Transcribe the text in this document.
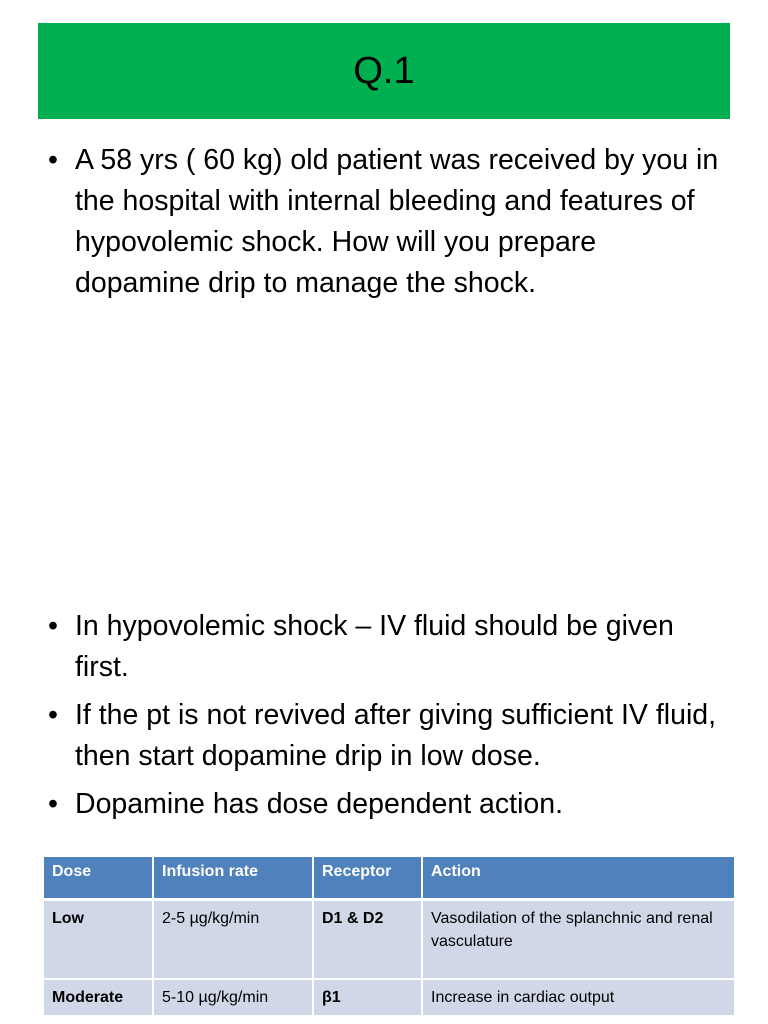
Q.1
• A 58 yrs ( 60 kg) old patient was received by you in the hospital with internal bleeding and features of hypovolemic shock. How will you prepare dopamine drip to manage the shock.
• In hypovolemic shock – IV fluid should be given first.
• If the pt is not revived after giving sufficient IV fluid, then start dopamine drip in low dose.
• Dopamine has dose dependent action.
Dose	Infusion rate	Receptor	Action
Low	2-5 µg/kg/min	D1 & D2	Vasodilation of the splanchnic and renal vasculature
Moderate	5-10 µg/kg/min	β1	Increase in cardiac output
